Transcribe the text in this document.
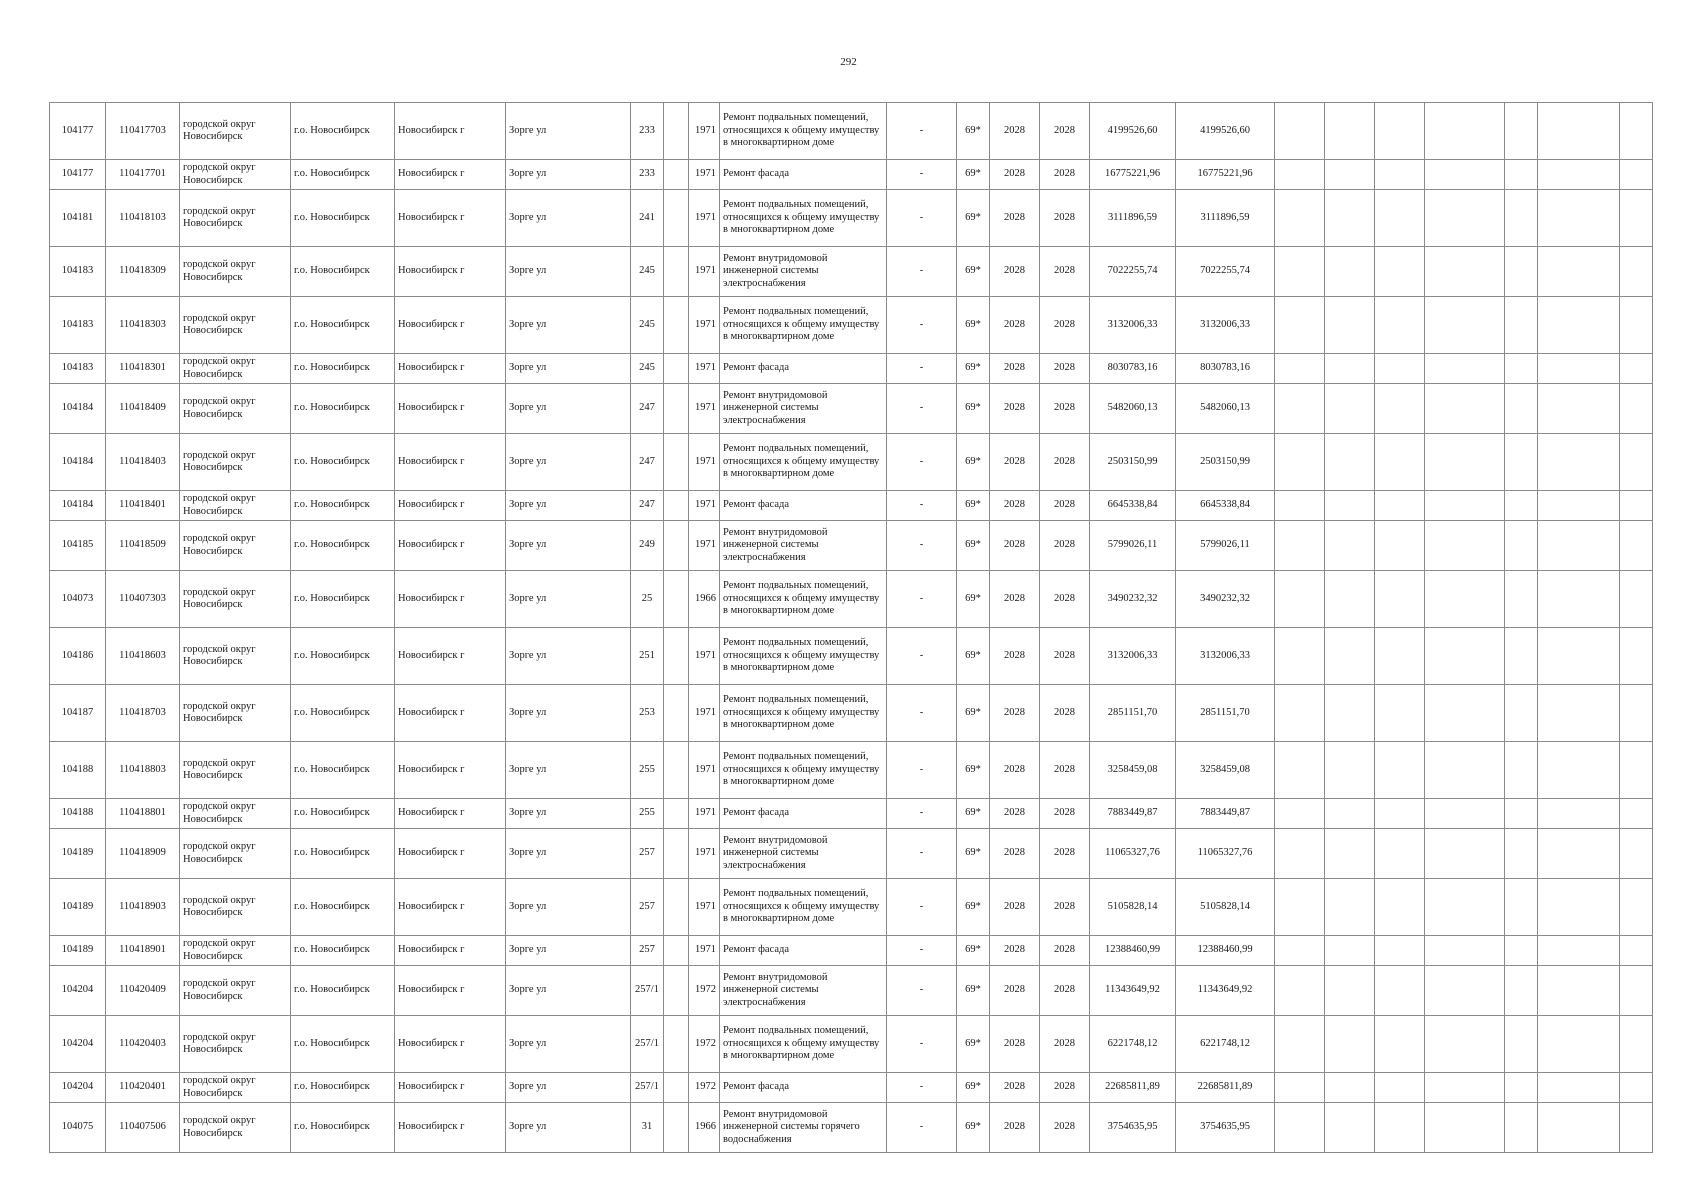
292
104177	110417703	городской округ Новосибирск	г.о. Новосибирск	Новосибирск г	Зорге ул	233		1971	Ремонт подвальных помещений, относящихся к общему имуществу в многоквартирном доме	-	69*	2028	2028	4199526,60	4199526,60							
104177	110417701	городской округ Новосибирск	г.о. Новосибирск	Новосибирск г	Зорге ул	233		1971	Ремонт фасада	-	69*	2028	2028	16775221,96	16775221,96							
104181	110418103	городской округ Новосибирск	г.о. Новосибирск	Новосибирск г	Зорге ул	241		1971	Ремонт подвальных помещений, относящихся к общему имуществу в многоквартирном доме	-	69*	2028	2028	3111896,59	3111896,59							
104183	110418309	городской округ Новосибирск	г.о. Новосибирск	Новосибирск г	Зорге ул	245		1971	Ремонт внутридомовой инженерной системы электроснабжения	-	69*	2028	2028	7022255,74	7022255,74							
104183	110418303	городской округ Новосибирск	г.о. Новосибирск	Новосибирск г	Зорге ул	245		1971	Ремонт подвальных помещений, относящихся к общему имуществу в многоквартирном доме	-	69*	2028	2028	3132006,33	3132006,33							
104183	110418301	городской округ Новосибирск	г.о. Новосибирск	Новосибирск г	Зорге ул	245		1971	Ремонт фасада	-	69*	2028	2028	8030783,16	8030783,16							
104184	110418409	городской округ Новосибирск	г.о. Новосибирск	Новосибирск г	Зорге ул	247		1971	Ремонт внутридомовой инженерной системы электроснабжения	-	69*	2028	2028	5482060,13	5482060,13							
104184	110418403	городской округ Новосибирск	г.о. Новосибирск	Новосибирск г	Зорге ул	247		1971	Ремонт подвальных помещений, относящихся к общему имуществу в многоквартирном доме	-	69*	2028	2028	2503150,99	2503150,99							
104184	110418401	городской округ Новосибирск	г.о. Новосибирск	Новосибирск г	Зорге ул	247		1971	Ремонт фасада	-	69*	2028	2028	6645338,84	6645338,84							
104185	110418509	городской округ Новосибирск	г.о. Новосибирск	Новосибирск г	Зорге ул	249		1971	Ремонт внутридомовой инженерной системы электроснабжения	-	69*	2028	2028	5799026,11	5799026,11							
104073	110407303	городской округ Новосибирск	г.о. Новосибирск	Новосибирск г	Зорге ул	25		1966	Ремонт подвальных помещений, относящихся к общему имуществу в многоквартирном доме	-	69*	2028	2028	3490232,32	3490232,32							
104186	110418603	городской округ Новосибирск	г.о. Новосибирск	Новосибирск г	Зорге ул	251		1971	Ремонт подвальных помещений, относящихся к общему имуществу в многоквартирном доме	-	69*	2028	2028	3132006,33	3132006,33							
104187	110418703	городской округ Новосибирск	г.о. Новосибирск	Новосибирск г	Зорге ул	253		1971	Ремонт подвальных помещений, относящихся к общему имуществу в многоквартирном доме	-	69*	2028	2028	2851151,70	2851151,70							
104188	110418803	городской округ Новосибирск	г.о. Новосибирск	Новосибирск г	Зорге ул	255		1971	Ремонт подвальных помещений, относящихся к общему имуществу в многоквартирном доме	-	69*	2028	2028	3258459,08	3258459,08							
104188	110418801	городской округ Новосибирск	г.о. Новосибирск	Новосибирск г	Зорге ул	255		1971	Ремонт фасада	-	69*	2028	2028	7883449,87	7883449,87							
104189	110418909	городской округ Новосибирск	г.о. Новосибирск	Новосибирск г	Зорге ул	257		1971	Ремонт внутридомовой инженерной системы электроснабжения	-	69*	2028	2028	11065327,76	11065327,76							
104189	110418903	городской округ Новосибирск	г.о. Новосибирск	Новосибирск г	Зорге ул	257		1971	Ремонт подвальных помещений, относящихся к общему имуществу в многоквартирном доме	-	69*	2028	2028	5105828,14	5105828,14							
104189	110418901	городской округ Новосибирск	г.о. Новосибирск	Новосибирск г	Зорге ул	257		1971	Ремонт фасада	-	69*	2028	2028	12388460,99	12388460,99							
104204	110420409	городской округ Новосибирск	г.о. Новосибирск	Новосибирск г	Зорге ул	257/1		1972	Ремонт внутридомовой инженерной системы электроснабжения	-	69*	2028	2028	11343649,92	11343649,92							
104204	110420403	городской округ Новосибирск	г.о. Новосибирск	Новосибирск г	Зорге ул	257/1		1972	Ремонт подвальных помещений, относящихся к общему имуществу в многоквартирном доме	-	69*	2028	2028	6221748,12	6221748,12							
104204	110420401	городской округ Новосибирск	г.о. Новосибирск	Новосибирск г	Зорге ул	257/1		1972	Ремонт фасада	-	69*	2028	2028	22685811,89	22685811,89							
104075	110407506	городской округ Новосибирск	г.о. Новосибирск	Новосибирск г	Зорге ул	31		1966	Ремонт внутридомовой инженерной системы горячего водоснабжения	-	69*	2028	2028	3754635,95	3754635,95							
